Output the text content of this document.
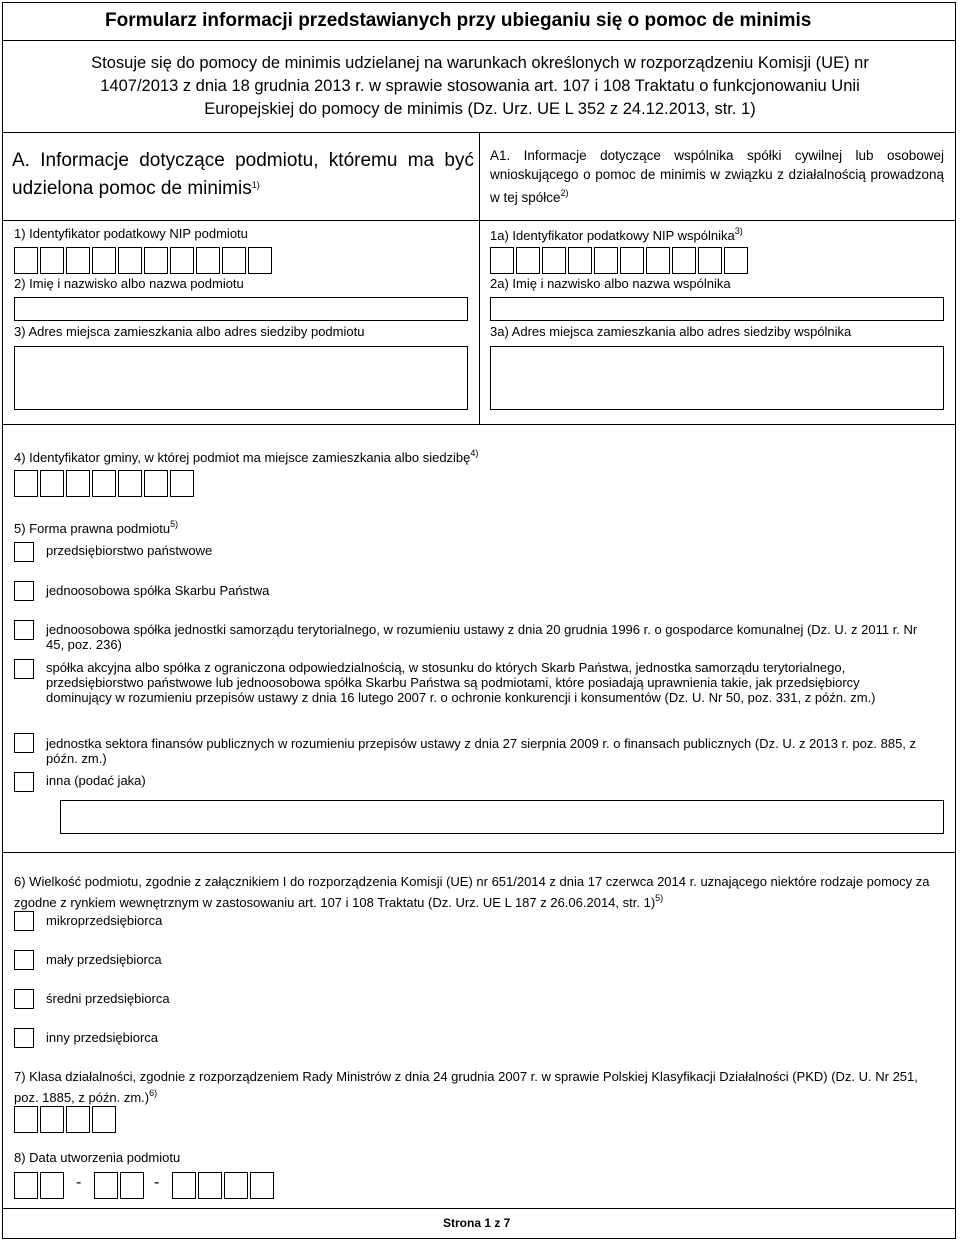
Formularz informacji przedstawianych przy ubieganiu się o pomoc de minimis
Stosuje się do pomocy de minimis udzielanej na warunkach określonych w rozporządzeniu Komisji (UE) nr 1407/2013 z dnia 18 grudnia 2013 r. w sprawie stosowania art. 107 i 108 Traktatu o funkcjonowaniu Unii Europejskiej do pomocy de minimis (Dz. Urz. UE L 352 z 24.12.2013, str. 1)
A. Informacje dotyczące podmiotu, któremu ma być udzielona pomoc de minimis$^{1)}$
A1. Informacje dotyczące wspólnika spółki cywilnej lub osobowej wnioskującego o pomoc de minimis w związku z działalnością prowadzoną w tej spółce$^{2)}$
1) Identyfikator podatkowy NIP podmiotu	1a) Identyfikator podatkowy NIP wspólnika$^{3)}$
2) Imię i nazwisko albo nazwa podmiotu	2a) Imię i nazwisko albo nazwa wspólnika
3) Adres miejsca zamieszkania albo adres siedziby podmiotu	3a) Adres miejsca zamieszkania albo adres siedziby wspólnika
4) Identyfikator gminy, w której podmiot ma miejsce zamieszkania albo siedzibę$^{4)}$
5) Forma prawna podmiotu$^{5)}$
przedsiębiorstwo państwowe
jednoosobowa spółka Skarbu Państwa
jednoosobowa spółka jednostki samorządu terytorialnego, w rozumieniu ustawy z dnia 20 grudnia 1996 r. o gospodarce komunalnej (Dz. U. z 2011 r. Nr 45, poz. 236)
spółka akcyjna albo spółka z ograniczona odpowiedzialnością, w stosunku do których Skarb Państwa, jednostka samorządu terytorialnego, przedsiębiorstwo państwowe lub jednoosobowa spółka Skarbu Państwa są podmiotami, które posiadają uprawnienia takie, jak przedsiębiorcy dominujący w rozumieniu przepisów ustawy z dnia 16 lutego 2007 r. o ochronie konkurencji i konsumentów (Dz. U. Nr 50, poz. 331, z późn. zm.)
jednostka sektora finansów publicznych w rozumieniu przepisów ustawy z dnia 27 sierpnia 2009 r. o finansach publicznych (Dz. U. z 2013 r. poz. 885, z późn. zm.)
inna (podać jaka)
6) Wielkość podmiotu, zgodnie z załącznikiem I do rozporządzenia Komisji (UE) nr 651/2014 z dnia 17 czerwca 2014 r. uznającego niektóre rodzaje pomocy za zgodne z rynkiem wewnętrznym w zastosowaniu art. 107 i 108 Traktatu (Dz. Urz. UE L 187 z 26.06.2014, str. 1)$^{5)}$
mikroprzedsiębiorca
mały przedsiębiorca
średni przedsiębiorca
inny przedsiębiorca
7) Klasa działalności, zgodnie z rozporządzeniem Rady Ministrów z dnia 24 grudnia 2007 r. w sprawie Polskiej Klasyfikacji Działalności (PKD) (Dz. U. Nr 251, poz. 1885, z późn. zm.)$^{6)}$
8) Data utworzenia podmiotu
-	-
Strona 1 z 7
